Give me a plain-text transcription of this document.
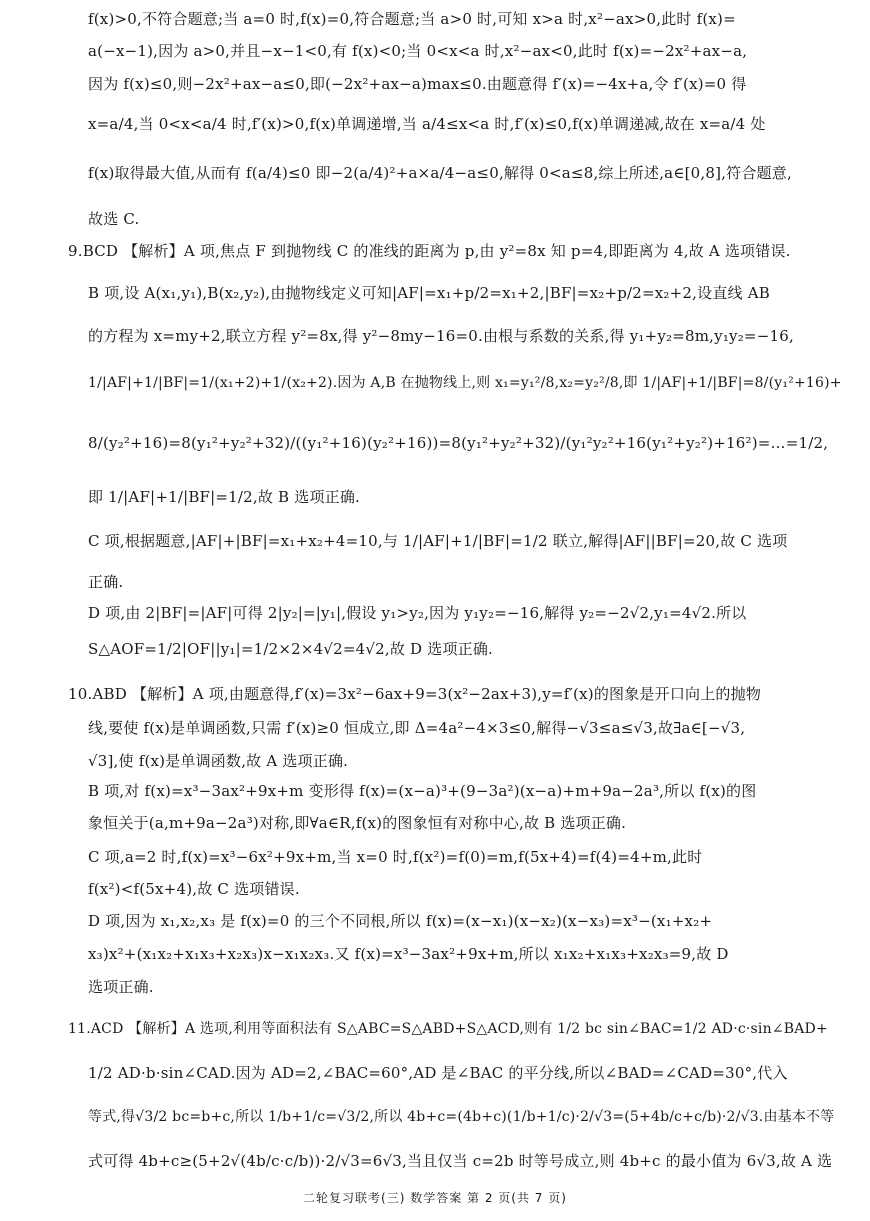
f(x)>0,不符合题意;当 a=0 时,f(x)=0,符合题意;当 a>0 时,可知 x>a 时,x²−ax>0,此时 f(x)=
a(−x−1),因为 a>0,并且−x−1<0,有 f(x)<0;当 0<x<a 时,x²−ax<0,此时 f(x)=−2x²+ax−a,
因为 f(x)≤0,则−2x²+ax−a≤0,即(−2x²+ax−a)max≤0.由题意得 f′(x)=−4x+a,令 f′(x)=0 得
x=a/4,当 0<x<a/4 时,f′(x)>0,f(x)单调递增,当 a/4≤x<a 时,f′(x)≤0,f(x)单调递减,故在 x=a/4 处
f(x)取得最大值,从而有 f(a/4)≤0 即−2(a/4)²+a×a/4−a≤0,解得 0<a≤8,综上所述,a∈[0,8],符合题意,
故选 C.
9.BCD 【解析】A 项,焦点 F 到抛物线 C 的准线的距离为 p,由 y²=8x 知 p=4,即距离为 4,故 A 选项错误.
B 项,设 A(x₁,y₁),B(x₂,y₂),由抛物线定义可知|AF|=x₁+p/2=x₁+2,|BF|=x₂+p/2=x₂+2,设直线 AB
的方程为 x=my+2,联立方程 y²=8x,得 y²−8my−16=0.由根与系数的关系,得 y₁+y₂=8m,y₁y₂=−16,
1/|AF|+1/|BF|=1/(x₁+2)+1/(x₂+2).因为 A,B 在抛物线上,则 x₁=y₁²/8,x₂=y₂²/8,即 1/|AF|+1/|BF|=8/(y₁²+16)+
8/(y₂²+16)=8(y₁²+y₂²+32)/((y₁²+16)(y₂²+16))=8(y₁²+y₂²+32)/(y₁²y₂²+16(y₁²+y₂²)+16²)=…=1/2,
即 1/|AF|+1/|BF|=1/2,故 B 选项正确.
C 项,根据题意,|AF|+|BF|=x₁+x₂+4=10,与 1/|AF|+1/|BF|=1/2 联立,解得|AF||BF|=20,故 C 选项
正确.
D 项,由 2|BF|=|AF|可得 2|y₂|=|y₁|,假设 y₁>y₂,因为 y₁y₂=−16,解得 y₂=−2√2,y₁=4√2.所以
S△AOF=1/2|OF||y₁|=1/2×2×4√2=4√2,故 D 选项正确.
10.ABD 【解析】A 项,由题意得,f′(x)=3x²−6ax+9=3(x²−2ax+3),y=f′(x)的图象是开口向上的抛物
线,要使 f(x)是单调函数,只需 f′(x)≥0 恒成立,即 Δ=4a²−4×3≤0,解得−√3≤a≤√3,故∃a∈[−√3,
√3],使 f(x)是单调函数,故 A 选项正确.
B 项,对 f(x)=x³−3ax²+9x+m 变形得 f(x)=(x−a)³+(9−3a²)(x−a)+m+9a−2a³,所以 f(x)的图
象恒关于(a,m+9a−2a³)对称,即∀a∈R,f(x)的图象恒有对称中心,故 B 选项正确.
C 项,a=2 时,f(x)=x³−6x²+9x+m,当 x=0 时,f(x²)=f(0)=m,f(5x+4)=f(4)=4+m,此时
f(x²)<f(5x+4),故 C 选项错误.
D 项,因为 x₁,x₂,x₃ 是 f(x)=0 的三个不同根,所以 f(x)=(x−x₁)(x−x₂)(x−x₃)=x³−(x₁+x₂+
x₃)x²+(x₁x₂+x₁x₃+x₂x₃)x−x₁x₂x₃.又 f(x)=x³−3ax²+9x+m,所以 x₁x₂+x₁x₃+x₂x₃=9,故 D
选项正确.
11.ACD 【解析】A 选项,利用等面积法有 S△ABC=S△ABD+S△ACD,则有 1/2 bc sin∠BAC=1/2 AD·c·sin∠BAD+
1/2 AD·b·sin∠CAD.因为 AD=2,∠BAC=60°,AD 是∠BAC 的平分线,所以∠BAD=∠CAD=30°,代入
等式,得√3/2 bc=b+c,所以 1/b+1/c=√3/2,所以 4b+c=(4b+c)(1/b+1/c)·2/√3=(5+4b/c+c/b)·2/√3.由基本不等
式可得 4b+c≥(5+2√(4b/c·c/b))·2/√3=6√3,当且仅当 c=2b 时等号成立,则 4b+c 的最小值为 6√3,故 A 选
二轮复习联考(三) 数学答案 第 2 页(共 7 页)
